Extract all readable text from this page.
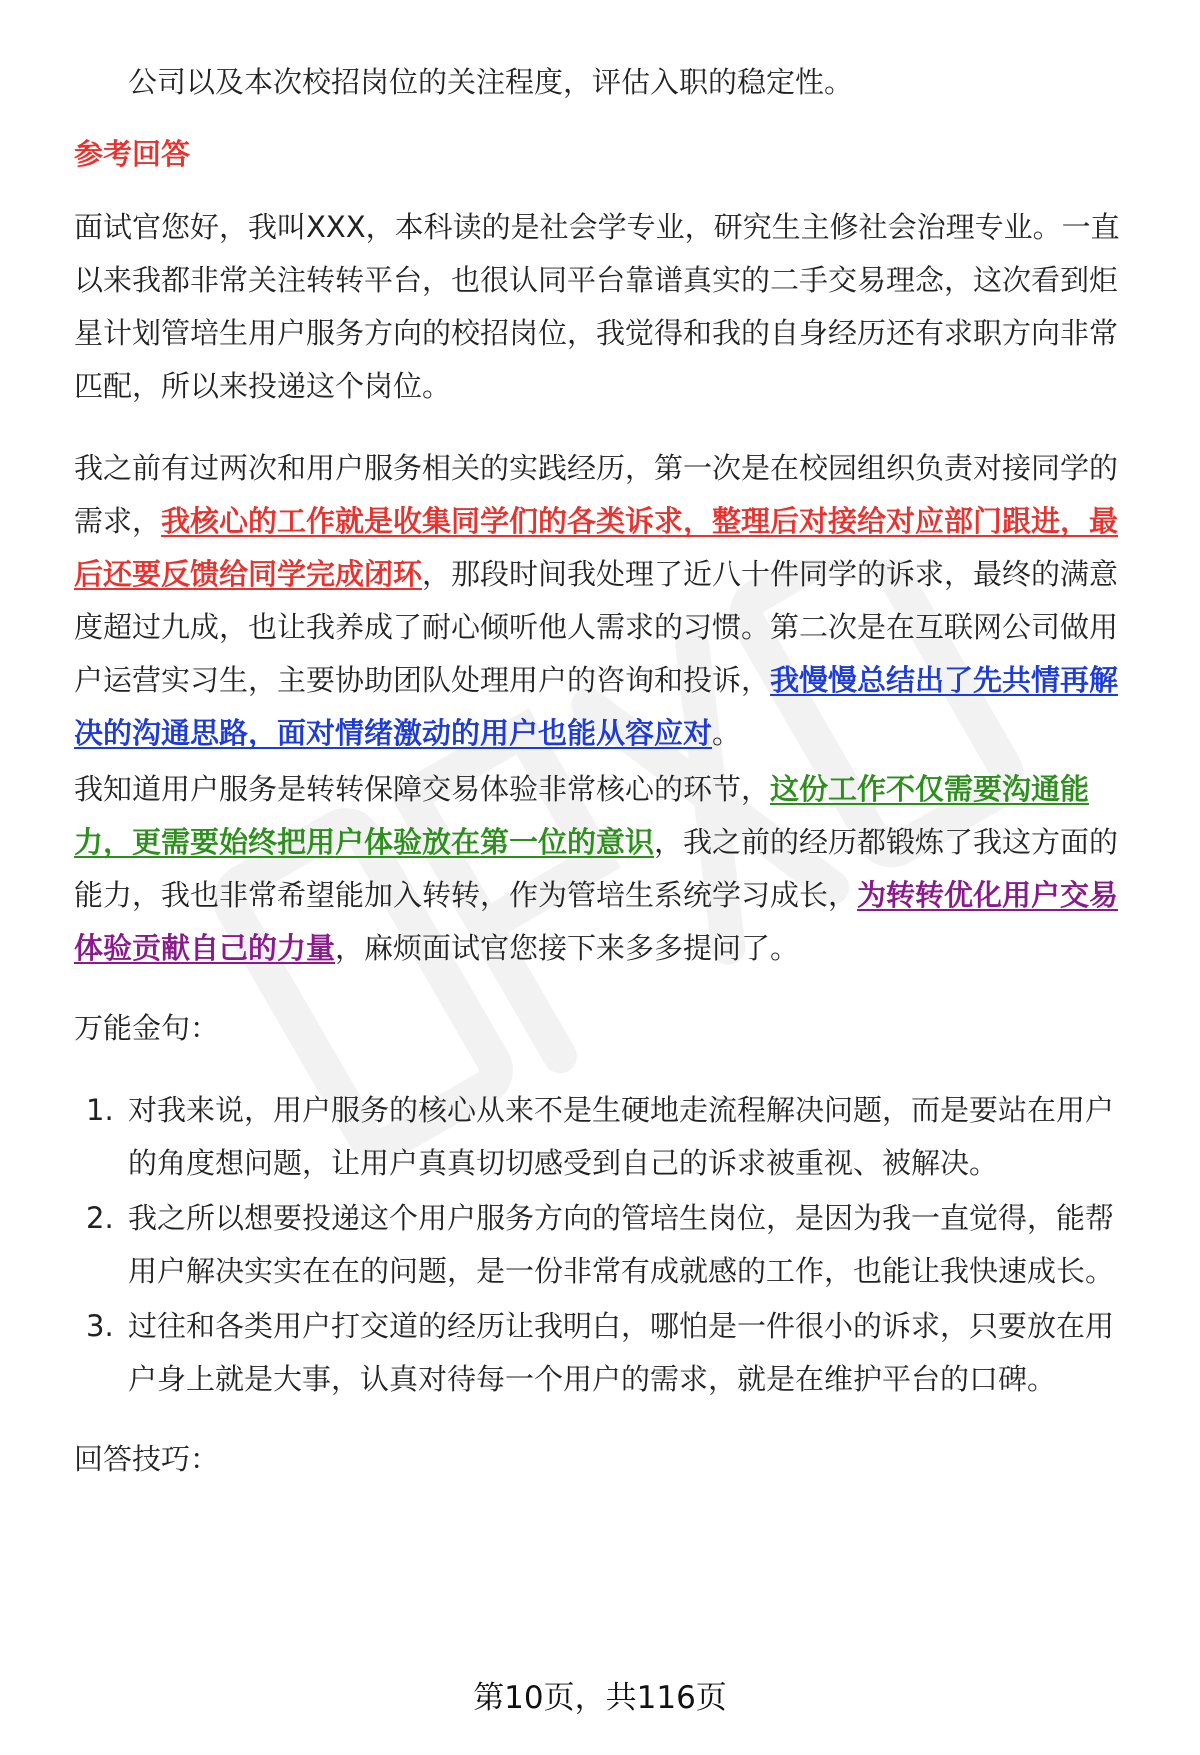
公司以及本次校招岗位的关注程度，评估入职的稳定性。
参考回答
面试官您好，我叫XXX，本科读的是社会学专业，研究生主修社会治理专业。一直
以来我都非常关注转转平台，也很认同平台靠谱真实的二手交易理念，这次看到炬
星计划管培生用户服务方向的校招岗位，我觉得和我的自身经历还有求职方向非常
匹配，所以来投递这个岗位。
我之前有过两次和用户服务相关的实践经历，第一次是在校园组织负责对接同学的
需求，我核心的工作就是收集同学们的各类诉求，整理后对接给对应部门跟进，最
后还要反馈给同学完成闭环，那段时间我处理了近八十件同学的诉求，最终的满意
度超过九成，也让我养成了耐心倾听他人需求的习惯。第二次是在互联网公司做用
户运营实习生，主要协助团队处理用户的咨询和投诉，我慢慢总结出了先共情再解
决的沟通思路，面对情绪激动的用户也能从容应对。
我知道用户服务是转转保障交易体验非常核心的环节，这份工作不仅需要沟通能
力，更需要始终把用户体验放在第一位的意识，我之前的经历都锻炼了我这方面的
能力，我也非常希望能加入转转，作为管培生系统学习成长，为转转优化用户交易
体验贡献自己的力量，麻烦面试官您接下来多多提问了。
万能金句：
1. 对我来说，用户服务的核心从来不是生硬地走流程解决问题，而是要站在用户
的角度想问题，让用户真真切切感受到自己的诉求被重视、被解决。
2. 我之所以想要投递这个用户服务方向的管培生岗位，是因为我一直觉得，能帮
用户解决实实在在的问题，是一份非常有成就感的工作，也能让我快速成长。
3. 过往和各类用户打交道的经历让我明白，哪怕是一件很小的诉求，只要放在用
户身上就是大事，认真对待每一个用户的需求，就是在维护平台的口碑。
回答技巧：
第10页，共116页
